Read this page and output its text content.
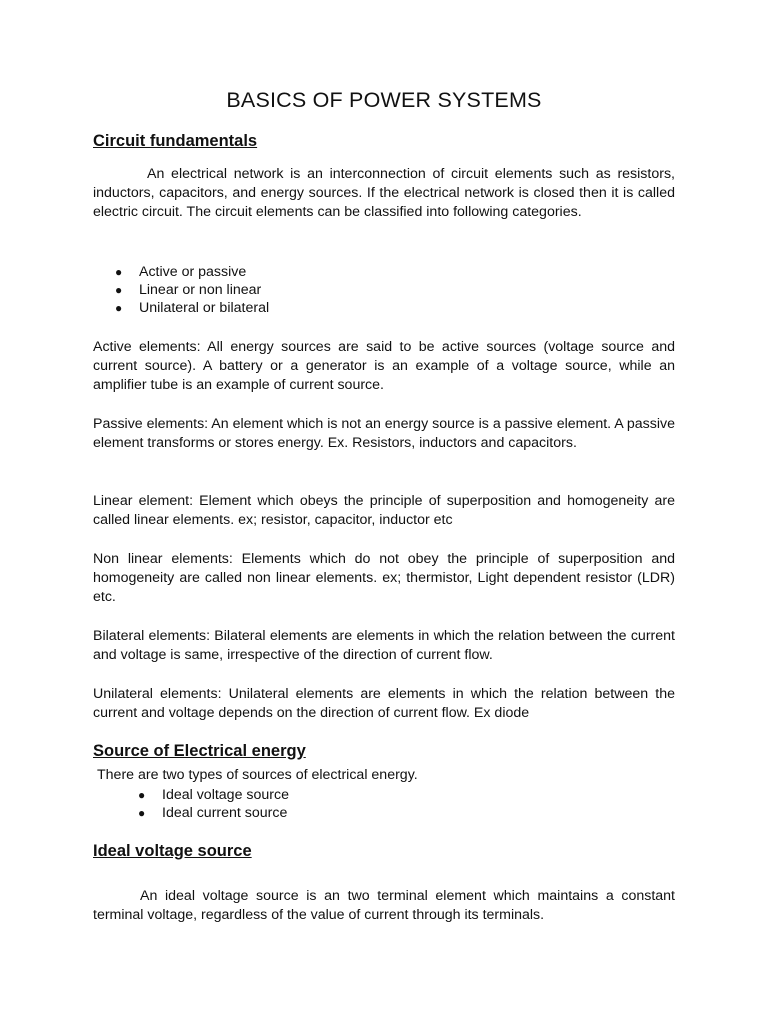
BASICS OF POWER SYSTEMS
Circuit fundamentals

An electrical network is an interconnection of circuit elements such as resistors, inductors, capacitors, and energy sources. If the electrical network is closed then it is called electric circuit. The circuit elements can be classified into following categories.

● Active or passive
● Linear or non linear
● Unilateral or bilateral

Active elements: All energy sources are said to be active sources (voltage source and current source). A battery or a generator is an example of a voltage source, while an amplifier tube is an example of current source.

Passive elements: An element which is not an energy source is a passive element. A passive element transforms or stores energy. Ex. Resistors, inductors and capacitors.

Linear element: Element which obeys the principle of superposition and homogeneity are called linear elements. ex; resistor, capacitor, inductor etc

Non linear elements: Elements which do not obey the principle of superposition and homogeneity are called non linear elements. ex; thermistor, Light dependent resistor (LDR) etc.

Bilateral elements: Bilateral elements are elements in which the relation between the current and voltage is same, irrespective of the direction of current flow.

Unilateral elements: Unilateral elements are elements in which the relation between the current and voltage depends on the direction of current flow. Ex diode

Source of Electrical energy

There are two types of sources of electrical energy.

● Ideal voltage source
● Ideal current source
Ideal voltage source

An ideal voltage source is an two terminal element which maintains a constant terminal voltage, regardless of the value of current through its terminals.
